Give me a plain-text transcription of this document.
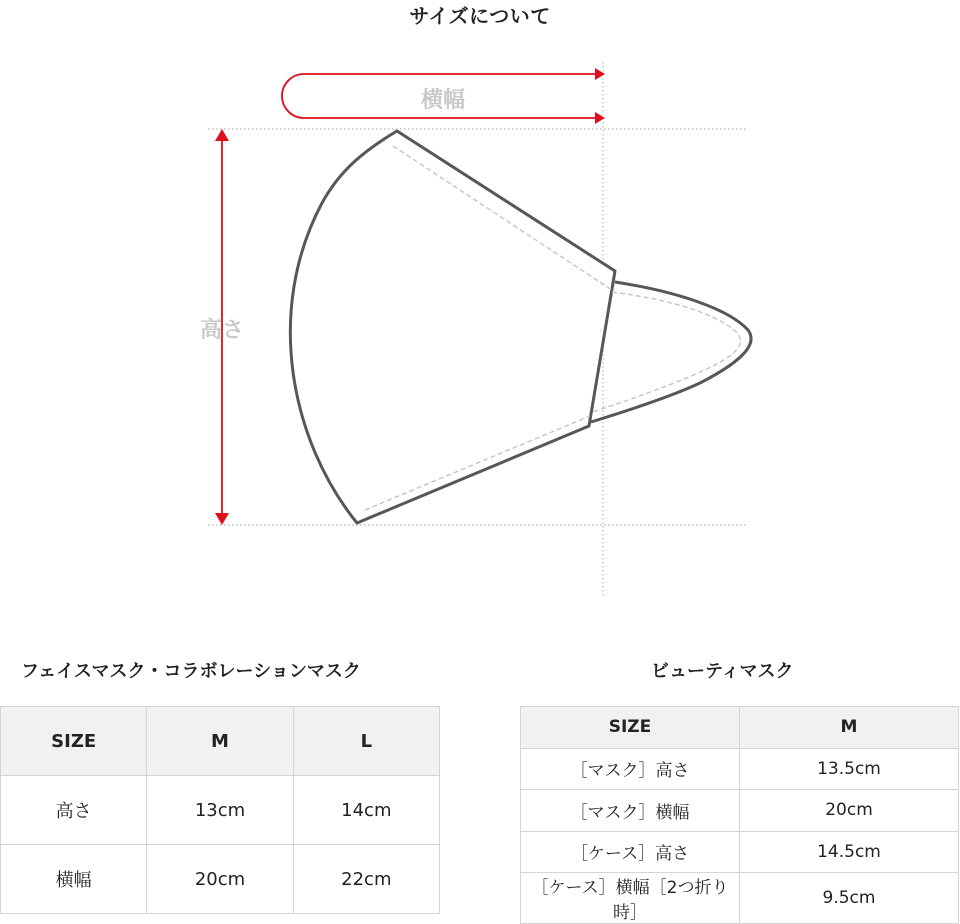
サイズについて
横幅
高さ
フェイスマスク・コラボレーションマスク	ビューティマスク
SIZE	M	L
高さ	13cm	14cm
横幅	20cm	22cm
SIZE	M
［マスク］高さ	13.5cm
［マスク］横幅	20cm
［ケース］高さ	14.5cm
［ケース］横幅［2つ折り時］	9.5cm
